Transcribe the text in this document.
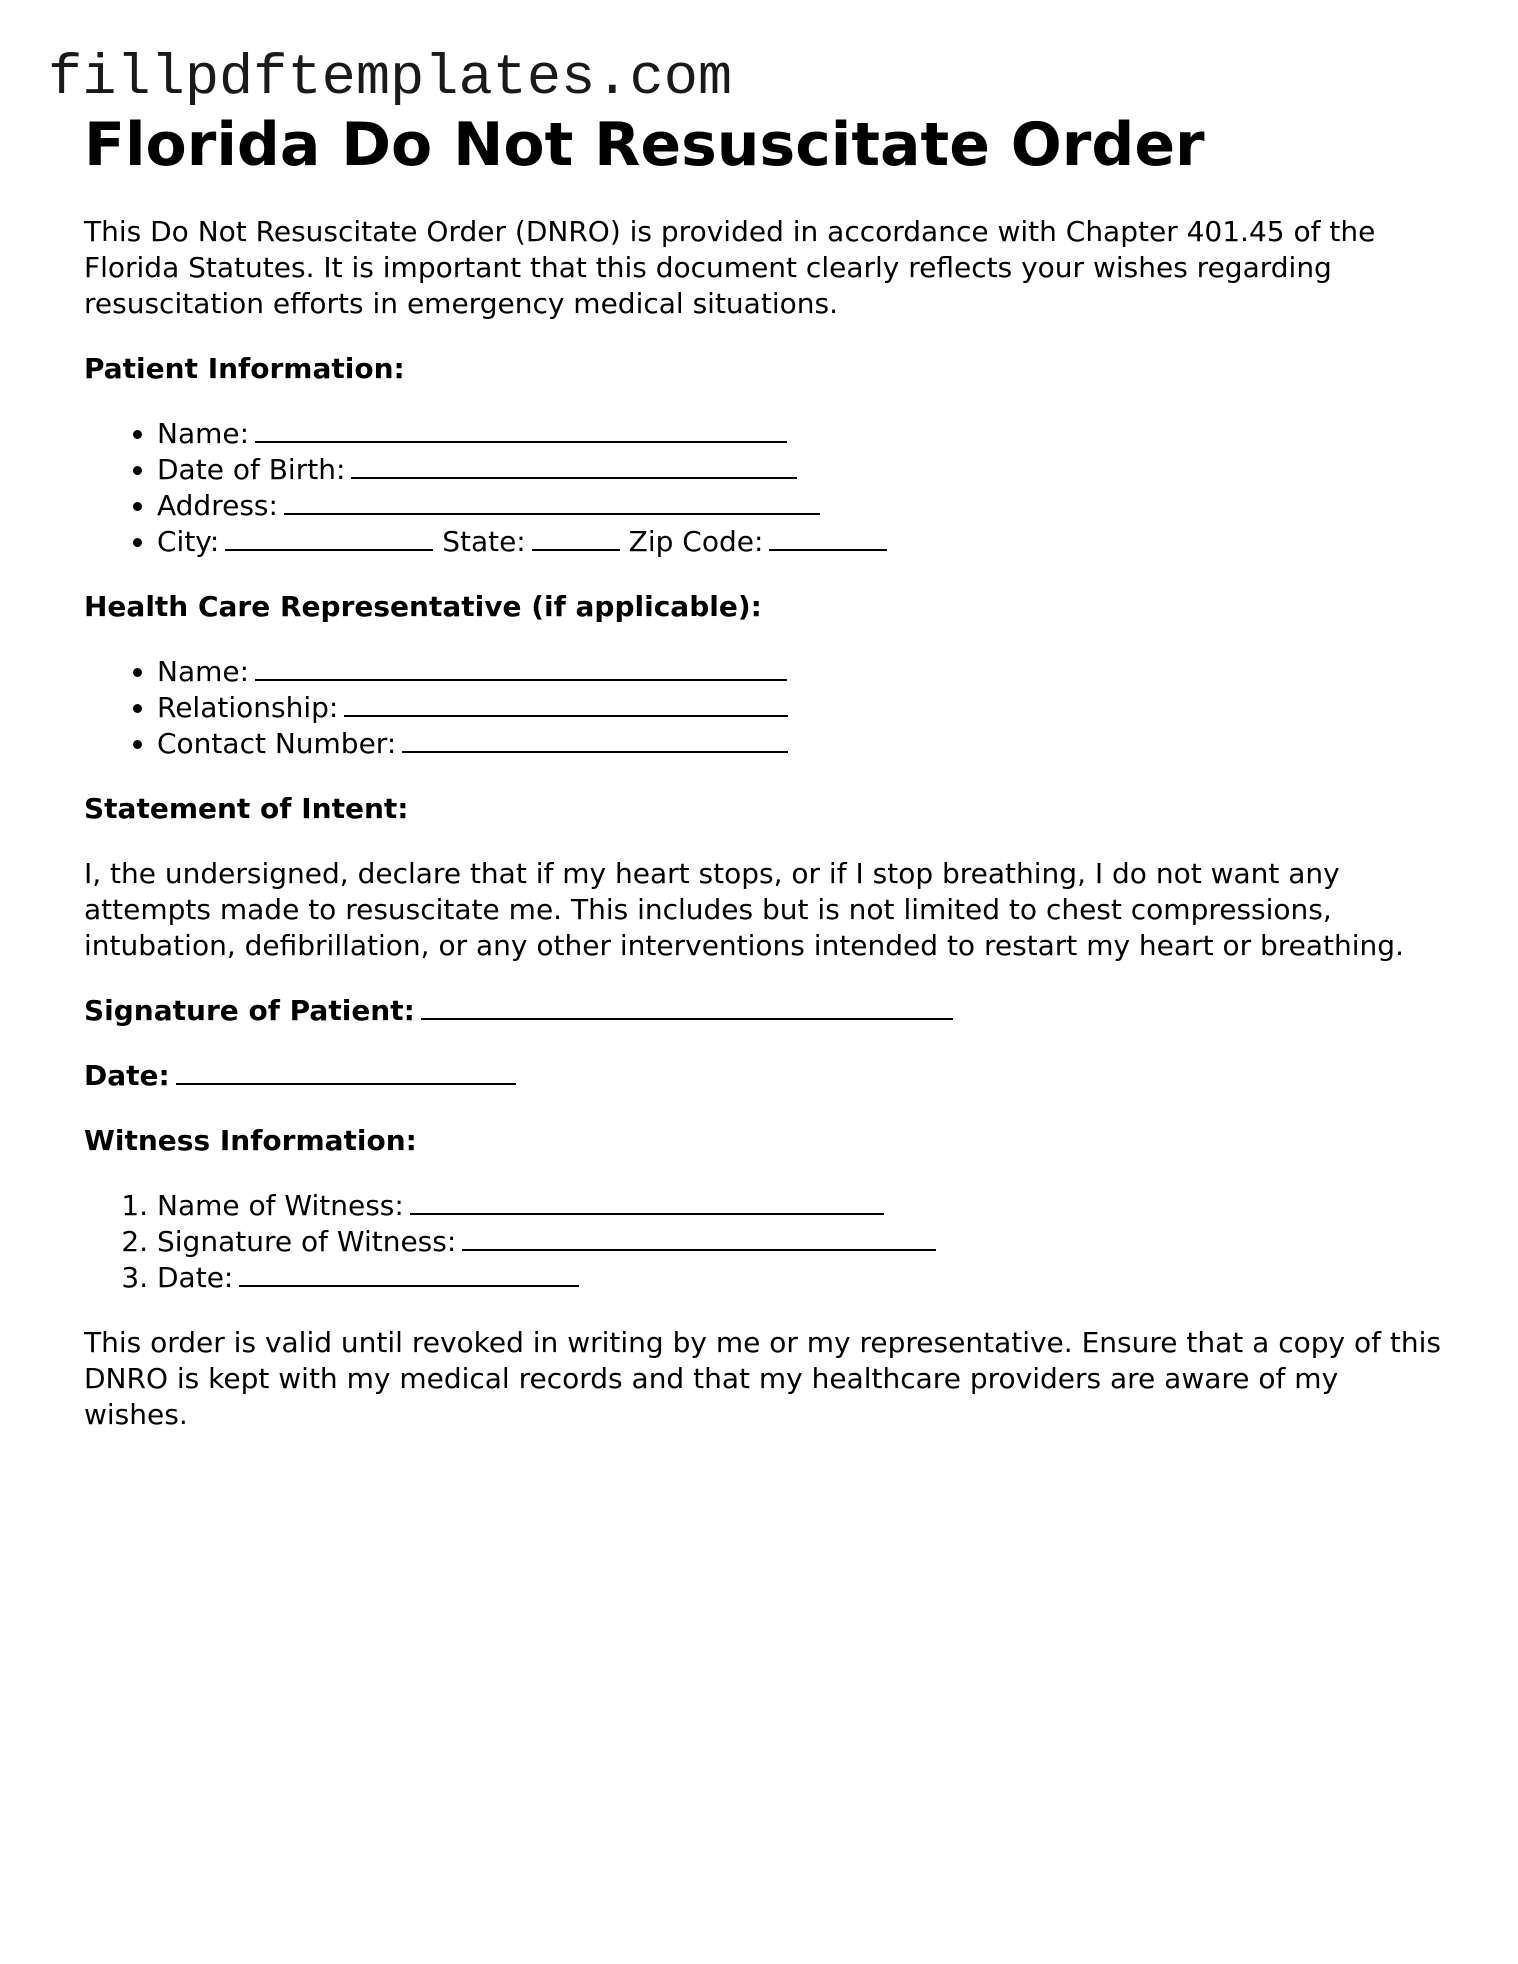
fillpdftemplates.com
Florida Do Not Resuscitate Order

This Do Not Resuscitate Order (DNRO) is provided in accordance with Chapter 401.45 of the Florida Statutes. It is important that this document clearly reflects your wishes regarding resuscitation efforts in emergency medical situations.

Patient Information:

• Name:
• Date of Birth:
• Address:
• City:	State:	Zip Code:

Health Care Representative (if applicable):

• Name:
• Relationship:
• Contact Number:

Statement of Intent:

I, the undersigned, declare that if my heart stops, or if I stop breathing, I do not want any attempts made to resuscitate me. This includes but is not limited to chest compressions, intubation, defibrillation, or any other interventions intended to restart my heart or breathing.

Signature of Patient:

Date:

Witness Information:

1. Name of Witness:
2. Signature of Witness:
3. Date:

This order is valid until revoked in writing by me or my representative. Ensure that a copy of this DNRO is kept with my medical records and that my healthcare providers are aware of my wishes.
